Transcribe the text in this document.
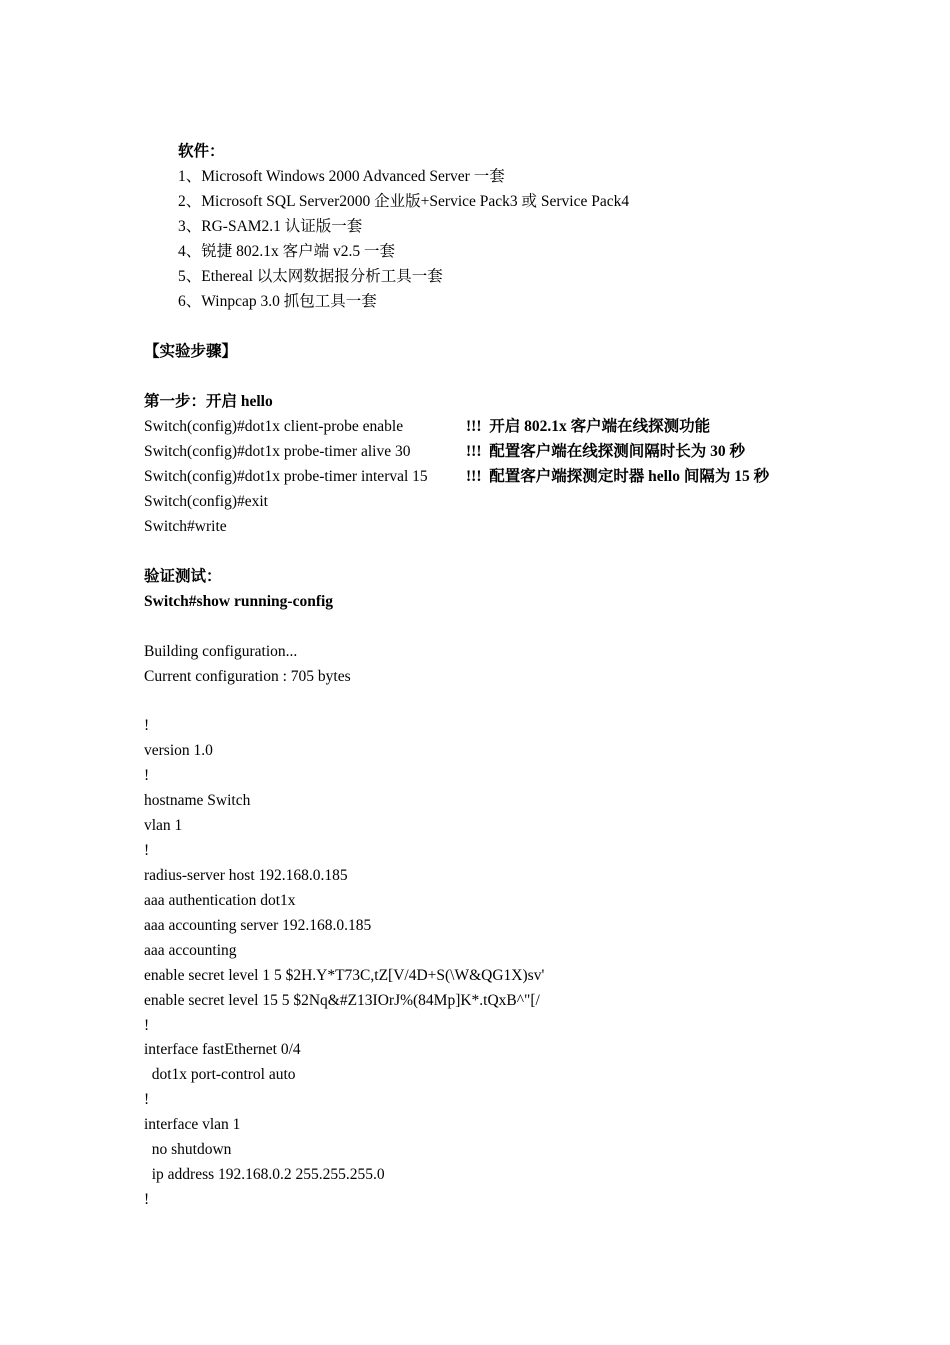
软件：
1、Microsoft Windows 2000 Advanced Server 一套
2、Microsoft SQL Server2000 企业版+Service Pack3 或 Service Pack4
3、RG-SAM2.1 认证版一套
4、锐捷 802.1x 客户端 v2.5 一套
5、Ethereal 以太网数据报分析工具一套
6、Winpcap 3.0 抓包工具一套
【实验步骤】
第一步：开启 hello
Switch(config)#dot1x client-probe enable	!!!  开启 802.1x 客户端在线探测功能
Switch(config)#dot1x probe-timer alive 30	!!!  配置客户端在线探测间隔时长为 30 秒
Switch(config)#dot1x probe-timer interval 15 !!!  配置客户端探测定时器 hello 间隔为 15 秒
Switch(config)#exit
Switch#write
验证测试：
Switch#show running-config
Building configuration...
Current configuration : 705 bytes
!
version 1.0
!
hostname Switch
vlan 1
!
radius-server host 192.168.0.185
aaa authentication dot1x
aaa accounting server 192.168.0.185
aaa accounting
enable secret level 1 5 $2H.Y*T73C,tZ[V/4D+S(\W&QG1X)sv'
enable secret level 15 5 $2Nq&#Z13IOrJ%(84Mp]K*.tQxB^"[/
!
interface fastEthernet 0/4
dot1x port-control auto
!
interface vlan 1
no shutdown
ip address 192.168.0.2 255.255.255.0
!
